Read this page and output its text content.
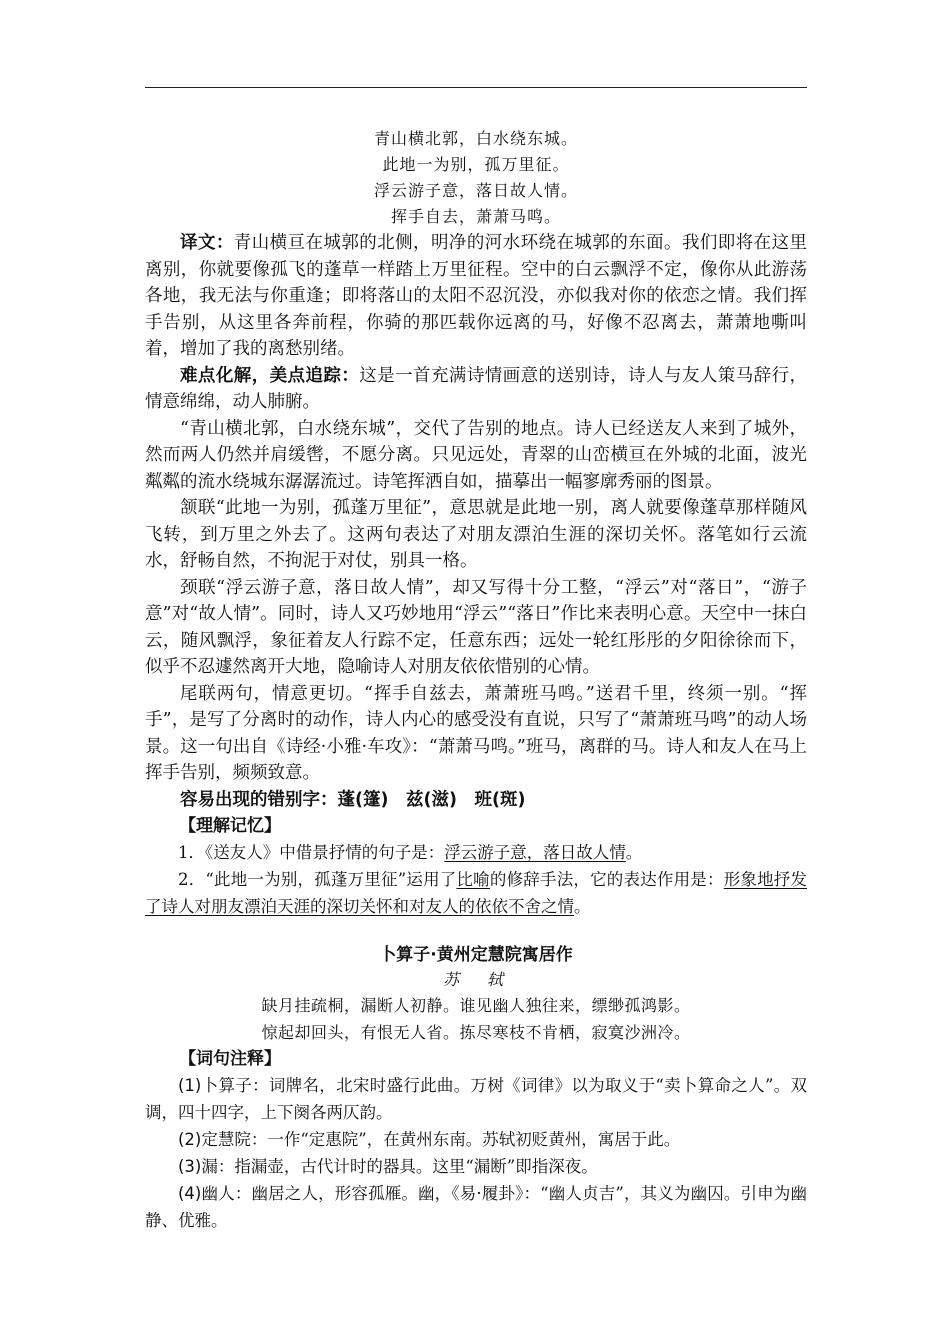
青山横北郭，白水绕东城。
此地一为别，孤万里征。
浮云游子意，落日故人情。
挥手自去，萧萧马鸣。

译文：青山横亘在城郭的北侧，明净的河水环绕在城郭的东面。我们即将在这里离别，你就要像孤飞的蓬草一样踏上万里征程。空中的白云飘浮不定，像你从此游荡各地，我无法与你重逢；即将落山的太阳不忍沉没，亦似我对你的依恋之情。我们挥手告别，从这里各奔前程，你骑的那匹载你远离的马，好像不忍离去，萧萧地嘶叫着，增加了我的离愁别绪。

难点化解，美点追踪：这是一首充满诗情画意的送别诗，诗人与友人策马辞行，情意绵绵，动人肺腑。

“青山横北郭，白水绕东城”，交代了告别的地点。诗人已经送友人来到了城外，然而两人仍然并肩缓辔，不愿分离。只见远处，青翠的山峦横亘在外城的北面，波光粼粼的流水绕城东潺潺流过。诗笔挥洒自如，描摹出一幅寥廓秀丽的图景。

颔联“此地一为别，孤蓬万里征”，意思就是此地一别，离人就要像蓬草那样随风飞转，到万里之外去了。这两句表达了对朋友漂泊生涯的深切关怀。落笔如行云流水，舒畅自然，不拘泥于对仗，别具一格。

颈联“浮云游子意，落日故人情”，却又写得十分工整，“浮云”对“落日”，“游子意”对“故人情”。同时，诗人又巧妙地用“浮云”“落日”作比来表明心意。天空中一抹白云，随风飘浮，象征着友人行踪不定，任意东西；远处一轮红彤彤的夕阳徐徐而下，似乎不忍遽然离开大地，隐喻诗人对朋友依依惜别的心情。

尾联两句，情意更切。“挥手自兹去，萧萧班马鸣。”送君千里，终须一别。“挥手”，是写了分离时的动作，诗人内心的感受没有直说，只写了“萧萧班马鸣”的动人场景。这一句出自《诗经·小雅·车攻》：“萧萧马鸣。”班马，离群的马。诗人和友人在马上挥手告别，频频致意。

容易出现的错别字：蓬(篷)　兹(滋)　班(斑)

【理解记忆】

1．《送友人》中借景抒情的句子是：浮云游子意，落日故人情。

2．“此地一为别，孤蓬万里征”运用了比喻的修辞手法，它的表达作用是：形象地抒发了诗人对朋友漂泊天涯的深切关怀和对友人的依依不舍之情。

卜算子·黄州定慧院寓居作
苏　轼
缺月挂疏桐，漏断人初静。谁见幽人独往来，缥缈孤鸿影。
惊起却回头，有恨无人省。拣尽寒枝不肯栖，寂寞沙洲冷。
【词句注释】

(1)卜算子：词牌名，北宋时盛行此曲。万树《词律》以为取义于“卖卜算命之人”。双调，四十四字，上下阕各两仄韵。

(2)定慧院：一作“定惠院”，在黄州东南。苏轼初贬黄州，寓居于此。

(3)漏：指漏壶，古代计时的器具。这里“漏断”即指深夜。

(4)幽人：幽居之人，形容孤雁。幽，《易·履卦》：“幽人贞吉”，其义为幽囚。引申为幽静、优雅。
